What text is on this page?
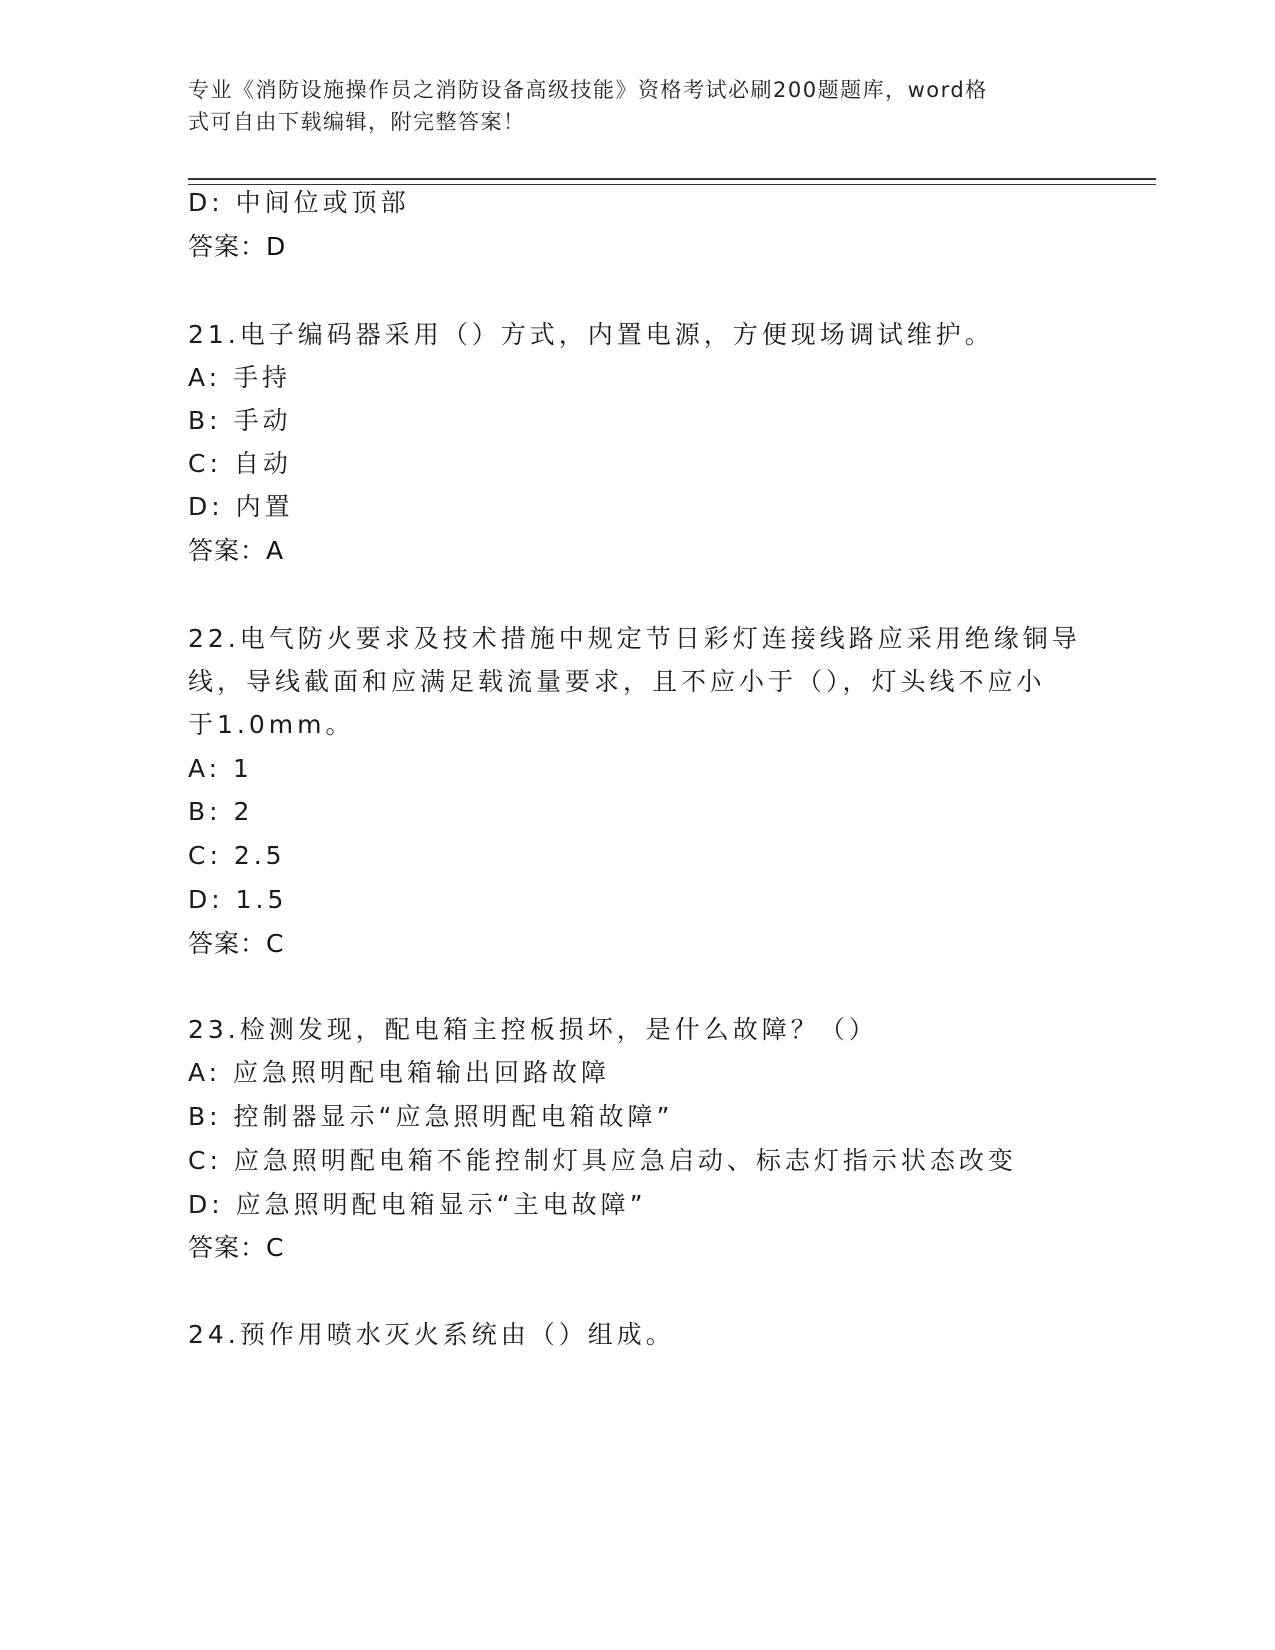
专业《消防设施操作员之消防设备高级技能》资格考试必刷200题题库，word格
式可自由下载编辑，附完整答案！
D: 中间位或顶部
答案：D
21.电子编码器采用（）方式，内置电源，方便现场调试维护。
A: 手持
B: 手动
C: 自动
D: 内置
答案：A
22.电气防火要求及技术措施中规定节日彩灯连接线路应采用绝缘铜导
线，导线截面和应满足载流量要求，且不应小于（），灯头线不应小
于1.0mm。
A: 1
B: 2
C: 2.5
D: 1.5
答案：C
23.检测发现，配电箱主控板损坏，是什么故障？（）
A: 应急照明配电箱输出回路故障
B: 控制器显示“应急照明配电箱故障”
C: 应急照明配电箱不能控制灯具应急启动、标志灯指示状态改变
D: 应急照明配电箱显示“主电故障”
答案：C
24.预作用喷水灭火系统由（）组成。
